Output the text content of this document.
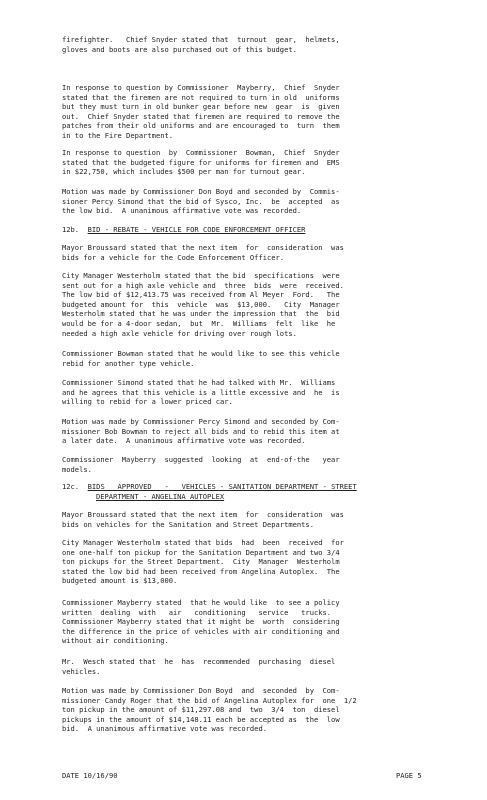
firefighter.   Chief Snyder stated that  turnout  gear,  helmets,
gloves and boots are also purchased out of this budget.

In response to question by Commissioner  Mayberry,  Chief  Snyder
stated that the firemen are not required to turn in old  uniforms
but they must turn in old bunker gear before new  gear  is  given
out.  Chief Snyder stated that firemen are required to remove the
patches from their old uniforms and are encouraged to  turn  them
in to the Fire Department.

In response to question  by  Commissioner  Bowman,  Chief  Snyder
stated that the budgeted figure for uniforms for firemen and  EMS
in $22,750, which includes $500 per man for turnout gear.

Motion was made by Commissioner Don Boyd and seconded by  Commis-
sioner Percy Simond that the bid of Sysco, Inc.  be  accepted  as
the low bid.  A unanimous affirmative vote was recorded.

12b. BID - REBATE - VEHICLE FOR CODE ENFORCEMENT OFFICER

Mayor Broussard stated that the next item  for  consideration  was
bids for a vehicle for the Code Enforcement Officer.

City Manager Westerholm stated that the bid  specifications  were
sent out for a high axle vehicle and  three  bids  were  received.
The low bid of $12,413.75 was received from Al Meyer  Ford.   The
budgeted amount for  this  vehicle  was  $13,000.   City  Manager
Westerholm stated that he was under the impression that  the  bid
would be for a 4-door sedan,  but  Mr.  Williams  felt  like  he
needed a high axle vehicle for driving over rough lots.

Commissioner Bowman stated that he would like to see this vehicle
rebid for another type vehicle.

Commissioner Simond stated that he had talked with Mr.  Williams
and he agrees that this vehicle is a little excessive and  he  is
willing to rebid for a lower priced car.

Motion was made by Commissioner Percy Simond and seconded by Com-
missioner Bob Bowman to reject all bids and to rebid this item at
a later date.  A unanimous affirmative vote was recorded.

Commissioner  Mayberry  suggested  looking  at  end-of-the   year
models.

12c. BIDS   APPROVED   -   VEHICLES - SANITATION DEPARTMENT - STREET
DEPARTMENT - ANGELINA AUTOPLEX

Mayor Broussard stated that the next item  for  consideration  was
bids on vehicles for the Sanitation and Street Departments.

City Manager Westerholm stated that bids  had  been  received  for
one one-half ton pickup for the Sanitation Department and two 3/4
ton pickups for the Street Department.  City  Manager  Westerholm
stated the low bid had been received from Angelina Autoplex.  The
budgeted amount is $13,000.

Commissioner Mayberry stated  that he would like  to see a policy
written  dealing  with   air   conditioning   service   trucks.
Commissioner Mayberry stated that it might be  worth  considering
the difference in the price of vehicles with air conditioning and
without air conditioning.

Mr.  Wesch stated that  he  has  recommended  purchasing  diesel
vehicles.

Motion was made by Commissioner Don Boyd  and  seconded  by  Com-
missioner Candy Roger that the bid of Angelina Autoplex for  one  1/2
ton pickup in the amount of $11,297.08 and  two  3/4  ton  diesel
pickups in the amount of $14,148.11 each be accepted as  the  low
bid.  A unanimous affirmative vote was recorded.

DATE 10/16/90	PAGE 5
